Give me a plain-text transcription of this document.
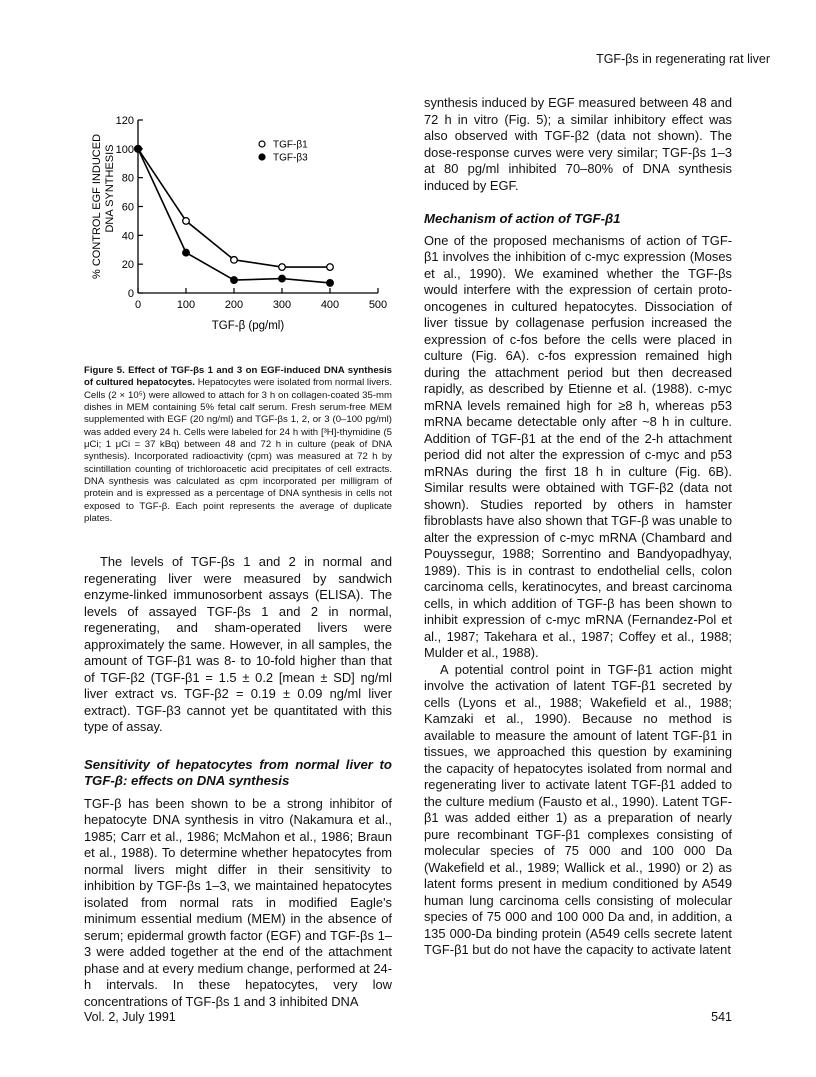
TGF-βs in regenerating rat liver
0
20
40
60
80
100
120
0	100	200	300	400	500
TGF-β (pg/ml)
% CONTROL EGF INDUCED DNA SYNTHESIS	TGF-β1
TGF-β3
Figure 5. Effect of TGF-βs 1 and 3 on EGF-induced DNA synthesis of cultured hepatocytes. Hepatocytes were isolated from normal livers. Cells (2 × 10⁵) were allowed to attach for 3 h on collagen-coated 35-mm dishes in MEM containing 5% fetal calf serum. Fresh serum-free MEM supplemented with EGF (20 ng/ml) and TGF-βs 1, 2, or 3 (0–100 pg/ml) was added every 24 h. Cells were labeled for 24 h with [³H]-thymidine (5 μCi; 1 μCi = 37 kBq) between 48 and 72 h in culture (peak of DNA synthesis). Incorporated radioactivity (cpm) was measured at 72 h by scintillation counting of trichloroacetic acid precipitates of cell extracts. DNA synthesis was calculated as cpm incorporated per milligram of protein and is expressed as a percentage of DNA synthesis in cells not exposed to TGF-β. Each point represents the average of duplicate plates.

The levels of TGF-βs 1 and 2 in normal and regenerating liver were measured by sandwich enzyme-linked immunosorbent assays (ELISA). The levels of assayed TGF-βs 1 and 2 in normal, regenerating, and sham-operated livers were approximately the same. However, in all samples, the amount of TGF-β1 was 8- to 10-fold higher than that of TGF-β2 (TGF-β1 = 1.5 ± 0.2 [mean ± SD] ng/ml liver extract vs. TGF-β2 = 0.19 ± 0.09 ng/ml liver extract). TGF-β3 cannot yet be quantitated with this type of assay.

Sensitivity of hepatocytes from normal liver to TGF-β: effects on DNA synthesis

TGF-β has been shown to be a strong inhibitor of hepatocyte DNA synthesis in vitro (Nakamura et al., 1985; Carr et al., 1986; McMahon et al., 1986; Braun et al., 1988). To determine whether hepatocytes from normal livers might differ in their sensitivity to inhibition by TGF-βs 1–3, we maintained hepatocytes isolated from normal rats in modified Eagle's minimum essential medium (MEM) in the absence of serum; epidermal growth factor (EGF) and TGF-βs 1–3 were added together at the end of the attachment phase and at every medium change, performed at 24-h intervals. In these hepatocytes, very low concentrations of TGF-βs 1 and 3 inhibited DNA

synthesis induced by EGF measured between 48 and 72 h in vitro (Fig. 5); a similar inhibitory effect was also observed with TGF-β2 (data not shown). The dose-response curves were very similar; TGF-βs 1–3 at 80 pg/ml inhibited 70–80% of DNA synthesis induced by EGF.

Mechanism of action of TGF-β1

One of the proposed mechanisms of action of TGF-β1 involves the inhibition of c-myc expression (Moses et al., 1990). We examined whether the TGF-βs would interfere with the expression of certain proto-oncogenes in cultured hepatocytes. Dissociation of liver tissue by collagenase perfusion increased the expression of c-fos before the cells were placed in culture (Fig. 6A). c-fos expression remained high during the attachment period but then decreased rapidly, as described by Etienne et al. (1988). c-myc mRNA levels remained high for ≥8 h, whereas p53 mRNA became detectable only after ~8 h in culture. Addition of TGF-β1 at the end of the 2-h attachment period did not alter the expression of c-myc and p53 mRNAs during the first 18 h in culture (Fig. 6B). Similar results were obtained with TGF-β2 (data not shown). Studies reported by others in hamster fibroblasts have also shown that TGF-β was unable to alter the expression of c-myc mRNA (Chambard and Pouyssegur, 1988; Sorrentino and Bandyopadhyay, 1989). This is in contrast to endothelial cells, colon carcinoma cells, keratinocytes, and breast carcinoma cells, in which addition of TGF-β has been shown to inhibit expression of c-myc mRNA (Fernandez-Pol et al., 1987; Takehara et al., 1987; Coffey et al., 1988; Mulder et al., 1988).

A potential control point in TGF-β1 action might involve the activation of latent TGF-β1 secreted by cells (Lyons et al., 1988; Wakefield et al., 1988; Kamzaki et al., 1990). Because no method is available to measure the amount of latent TGF-β1 in tissues, we approached this question by examining the capacity of hepatocytes isolated from normal and regenerating liver to activate latent TGF-β1 added to the culture medium (Fausto et al., 1990). Latent TGF-β1 was added either 1) as a preparation of nearly pure recombinant TGF-β1 complexes consisting of molecular species of 75 000 and 100 000 Da (Wakefield et al., 1989; Wallick et al., 1990) or 2) as latent forms present in medium conditioned by A549 human lung carcinoma cells consisting of molecular species of 75 000 and 100 000 Da and, in addition, a 135 000-Da binding protein (A549 cells secrete latent TGF-β1 but do not have the capacity to activate latent

Vol. 2, July 1991	541
